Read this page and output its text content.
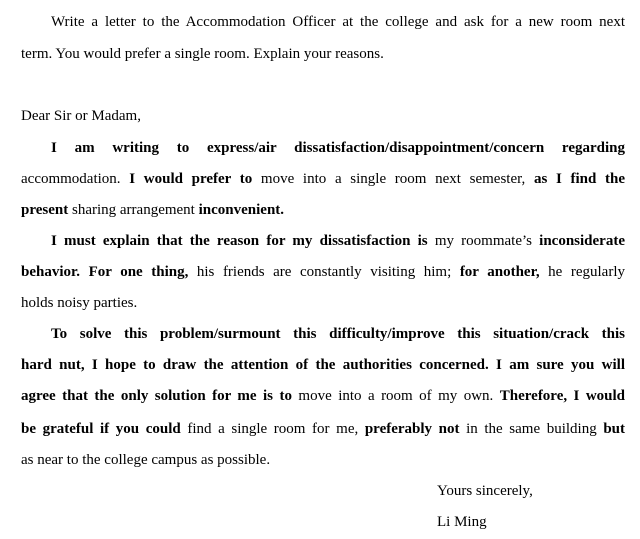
Write a letter to the Accommodation Officer at the college and ask for a new room next
term. You would prefer a single room. Explain your reasons.
Dear Sir or Madam,
I am writing to express/air dissatisfaction/disappointment/concern regarding
accommodation. I would prefer to move into a single room next semester, as I find the
present sharing arrangement inconvenient.
I must explain that the reason for my dissatisfaction is my roommate’s inconsiderate
behavior. For one thing, his friends are constantly visiting him; for another, he regularly
holds noisy parties.
To solve this problem/surmount this difficulty/improve this situation/crack this
hard nut, I hope to draw the attention of the authorities concerned. I am sure you will
agree that the only solution for me is to move into a room of my own. Therefore, I would
be grateful if you could find a single room for me, preferably not in the same building but
as near to the college campus as possible.
Yours sincerely,
Li Ming
